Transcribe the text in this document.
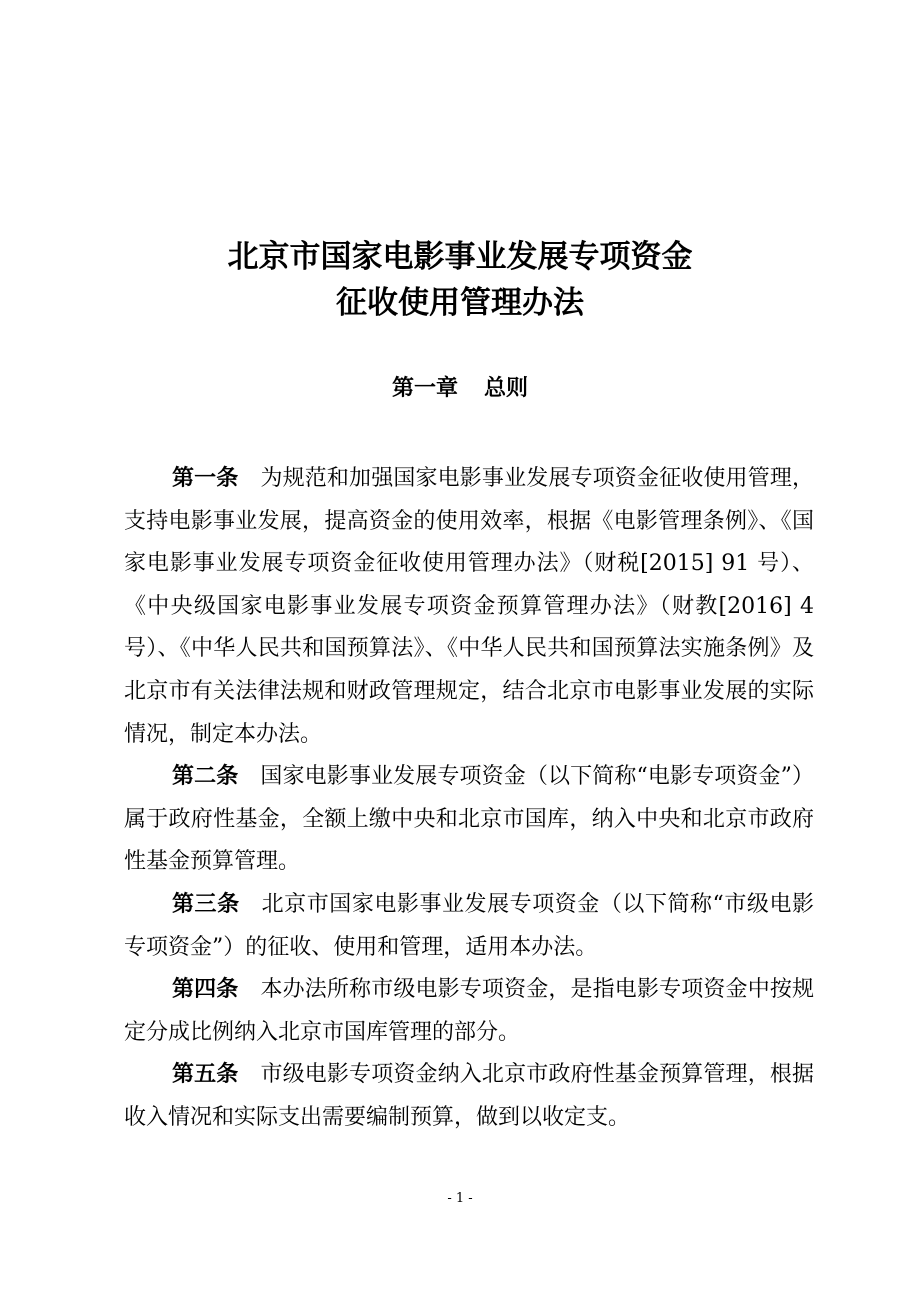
北京市国家电影事业发展专项资金
征收使用管理办法
第一章 总则

第一条 为规范和加强国家电影事业发展专项资金征收使用管理，支持电影事业发展，提高资金的使用效率，根据《电影管理条例》、《国家电影事业发展专项资金征收使用管理办法》（财税[2015] 91 号）、《中央级国家电影事业发展专项资金预算管理办法》（财教[2016] 4 号）、《中华人民共和国预算法》、《中华人民共和国预算法实施条例》及北京市有关法律法规和财政管理规定，结合北京市电影事业发展的实际情况，制定本办法。

第二条 国家电影事业发展专项资金（以下简称“电影专项资金”）属于政府性基金，全额上缴中央和北京市国库，纳入中央和北京市政府性基金预算管理。

第三条 北京市国家电影事业发展专项资金（以下简称“市级电影专项资金”）的征收、使用和管理，适用本办法。

第四条 本办法所称市级电影专项资金，是指电影专项资金中按规定分成比例纳入北京市国库管理的部分。

第五条 市级电影专项资金纳入北京市政府性基金预算管理，根据收入情况和实际支出需要编制预算，做到以收定支。

- 1 -
